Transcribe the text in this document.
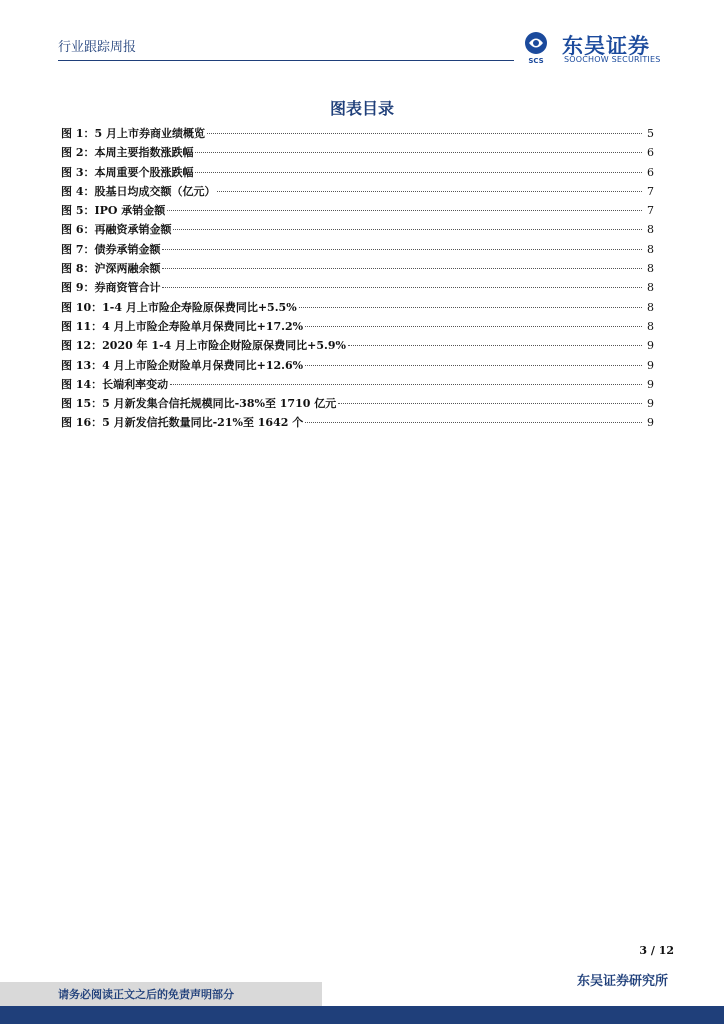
行业跟踪周报
SCS
东吴证券
SOOCHOW SECURITIES
图表目录
图 1：5 月上市券商业绩概览	5
图 2：本周主要指数涨跌幅	6
图 3：本周重要个股涨跌幅	6
图 4：股基日均成交额（亿元）	7
图 5：IPO 承销金额	7
图 6：再融资承销金额	8
图 7：债券承销金额	8
图 8：沪深两融余额	8
图 9：券商资管合计	8
图 10：1-4 月上市险企寿险原保费同比+5.5%	8
图 11：4 月上市险企寿险单月保费同比+17.2%	8
图 12：2020 年 1-4 月上市险企财险原保费同比+5.9%	9
图 13：4 月上市险企财险单月保费同比+12.6%	9
图 14：长端利率变动	9
图 15：5 月新发集合信托规模同比-38%至 1710 亿元	9
图 16：5 月新发信托数量同比-21%至 1642 个	9
3 / 12
东吴证券研究所
请务必阅读正文之后的免责声明部分
